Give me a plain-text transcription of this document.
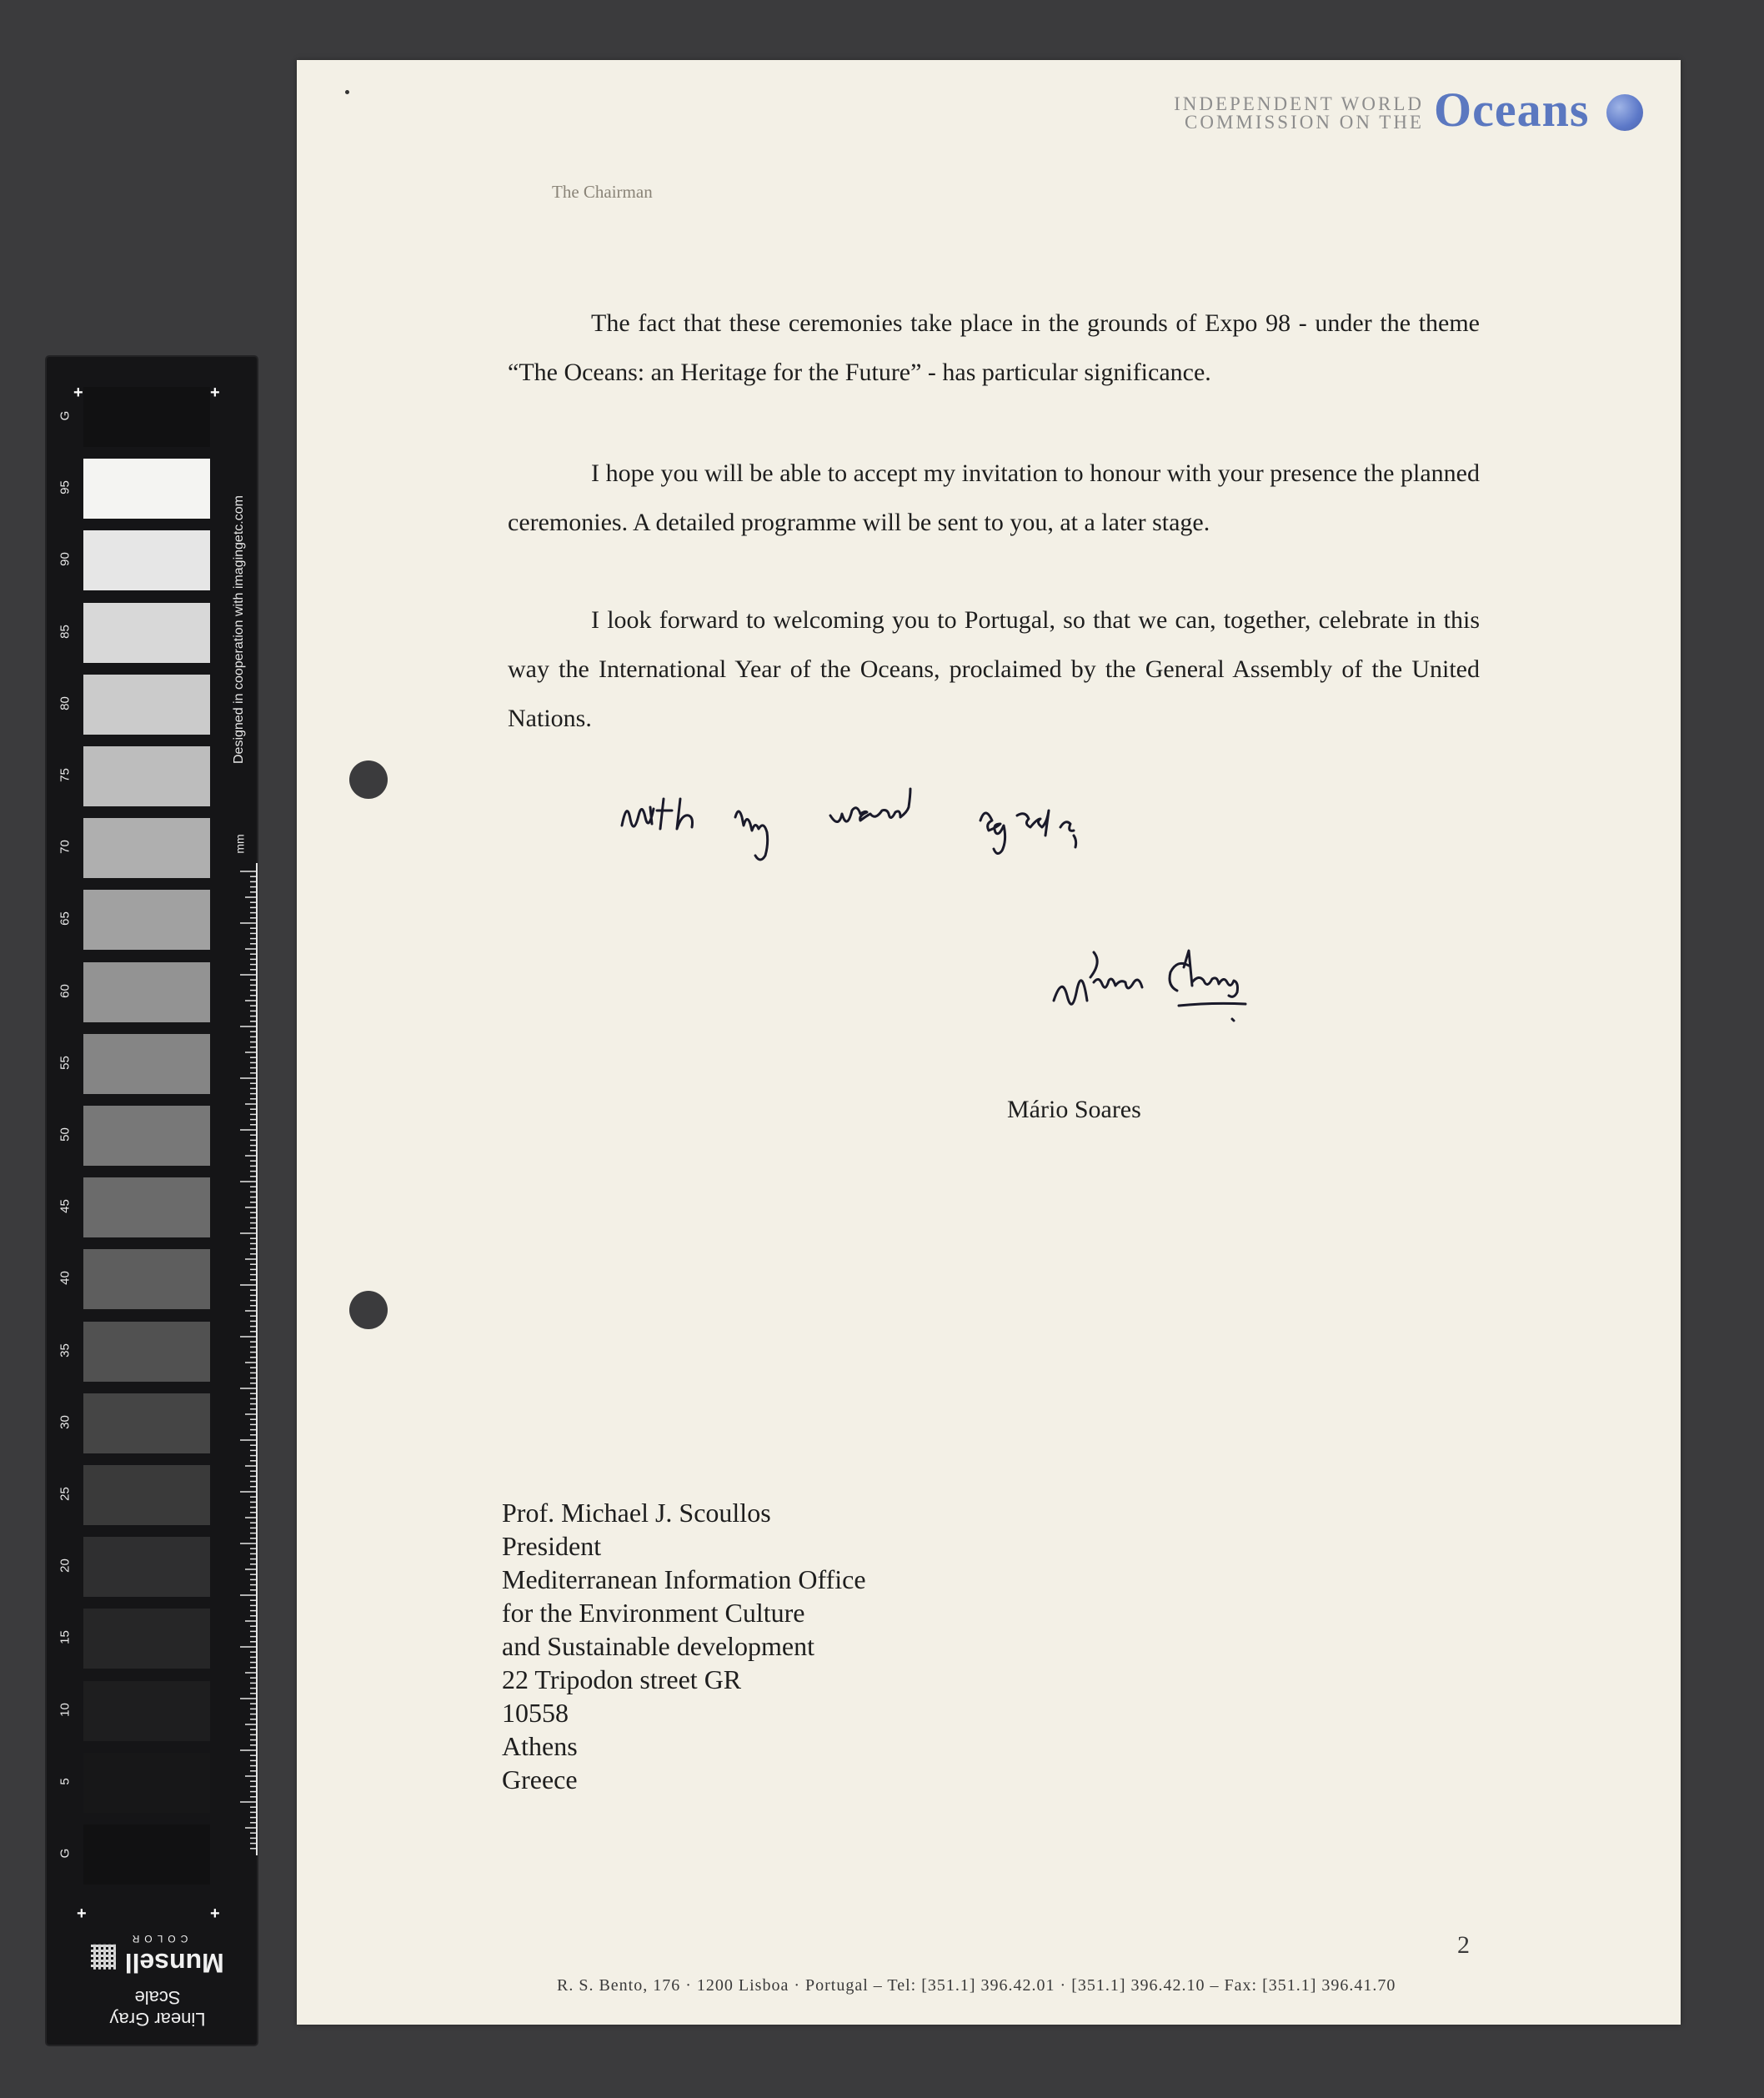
G
95
90
85
80
75
70
65
60
55
50
45
40
35
30
25
20
15
10
5
G
+	+
+	+
Linear Gray Scale
Munsell
COLOR
Designed in cooperation with imagingetc.com
mm
INDEPENDENT WORLD
COMMISSION ON THE Oceans
The Chairman
The fact that these ceremonies take place in the grounds of Expo 98 - under the theme “The Oceans: an Heritage for the Future” - has particular significance.
I hope you will be able to accept my invitation to honour with your presence the planned ceremonies. A detailed programme will be sent to you, at a later stage.
I look forward to welcoming you to Portugal, so that we can, together, celebrate in this way the International Year of the Oceans, proclaimed by the General Assembly of the United Nations.
Mário Soares
Prof. Michael J. Scoullos
President
Mediterranean Information Office
for the Environment Culture
and Sustainable development
22 Tripodon street GR
10558
Athens
Greece
2
R. S. Bento, 176 · 1200 Lisboa · Portugal – Tel: [351.1] 396.42.01 · [351.1] 396.42.10 – Fax: [351.1] 396.41.70
